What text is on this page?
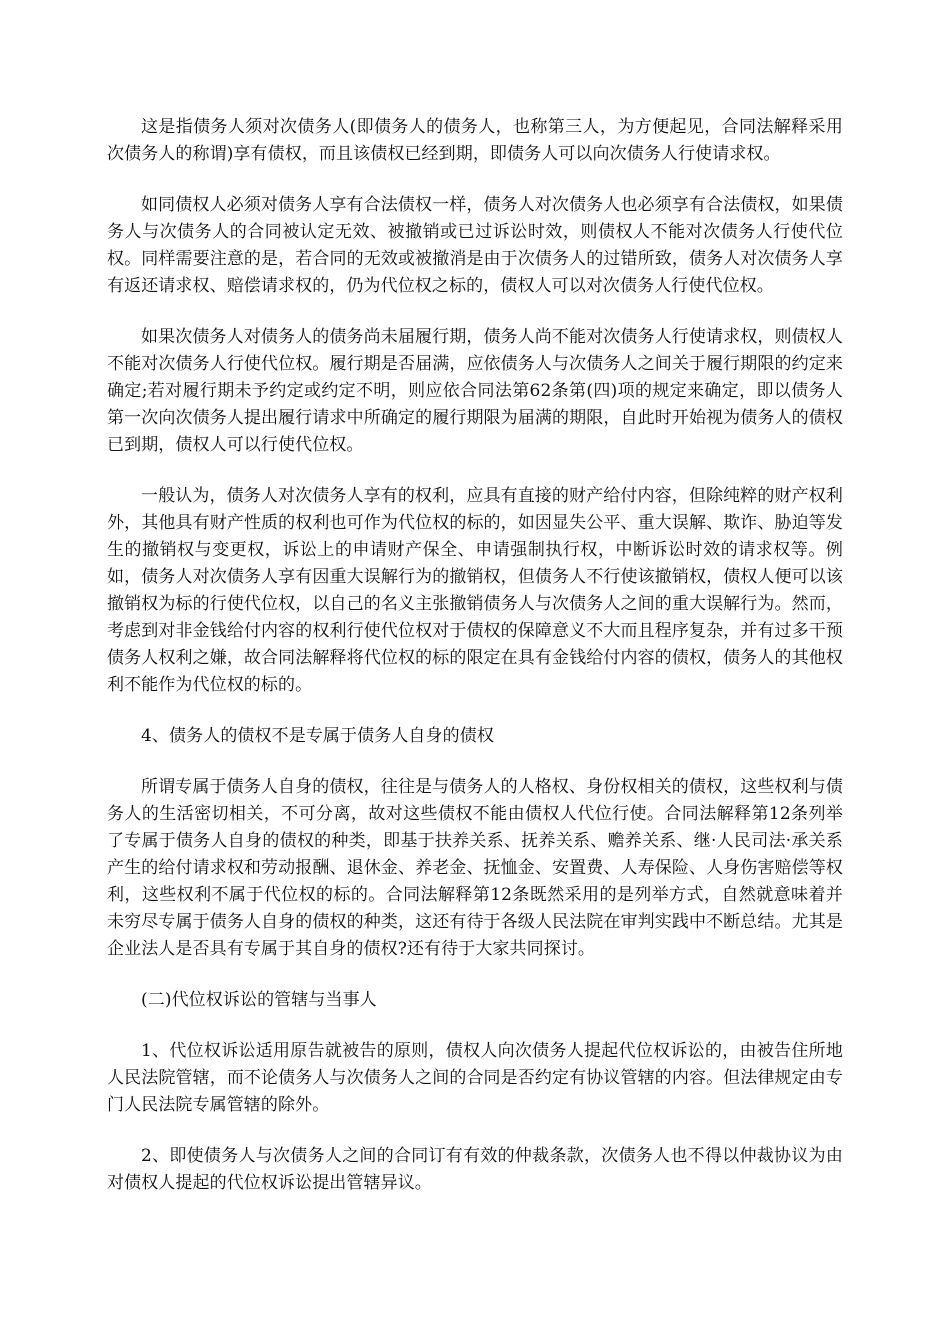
这是指债务人须对次债务人(即债务人的债务人，也称第三人，为方便起见，合同法解释采用次债务人的称谓)享有债权，而且该债权已经到期，即债务人可以向次债务人行使请求权。

如同债权人必须对债务人享有合法债权一样，债务人对次债务人也必须享有合法债权，如果债务人与次债务人的合同被认定无效、被撤销或已过诉讼时效，则债权人不能对次债务人行使代位权。同样需要注意的是，若合同的无效或被撤消是由于次债务人的过错所致，债务人对次债务人享有返还请求权、赔偿请求权的，仍为代位权之标的，债权人可以对次债务人行使代位权。

如果次债务人对债务人的债务尚未届履行期，债务人尚不能对次债务人行使请求权，则债权人不能对次债务人行使代位权。履行期是否届满，应依债务人与次债务人之间关于履行期限的约定来确定;若对履行期未予约定或约定不明，则应依合同法第62条第(四)项的规定来确定，即以债务人第一次向次债务人提出履行请求中所确定的履行期限为届满的期限，自此时开始视为债务人的债权已到期，债权人可以行使代位权。

一般认为，债务人对次债务人享有的权利，应具有直接的财产给付内容，但除纯粹的财产权利外，其他具有财产性质的权利也可作为代位权的标的，如因显失公平、重大误解、欺诈、胁迫等发生的撤销权与变更权，诉讼上的申请财产保全、申请强制执行权，中断诉讼时效的请求权等。例如，债务人对次债务人享有因重大误解行为的撤销权，但债务人不行使该撤销权，债权人便可以该撤销权为标的行使代位权，以自己的名义主张撤销债务人与次债务人之间的重大误解行为。然而，考虑到对非金钱给付内容的权利行使代位权对于债权的保障意义不大而且程序复杂，并有过多干预债务人权利之嫌，故合同法解释将代位权的标的限定在具有金钱给付内容的债权，债务人的其他权利不能作为代位权的标的。

4、债务人的债权不是专属于债务人自身的债权

所谓专属于债务人自身的债权，往往是与债务人的人格权、身份权相关的债权，这些权利与债务人的生活密切相关，不可分离，故对这些债权不能由债权人代位行使。合同法解释第12条列举了专属于债务人自身的债权的种类，即基于扶养关系、抚养关系、赡养关系、继·人民司法·承关系产生的给付请求权和劳动报酬、退休金、养老金、抚恤金、安置费、人寿保险、人身伤害赔偿等权利，这些权利不属于代位权的标的。合同法解释第12条既然采用的是列举方式，自然就意味着并未穷尽专属于债务人自身的债权的种类，这还有待于各级人民法院在审判实践中不断总结。尤其是企业法人是否具有专属于其自身的债权?还有待于大家共同探讨。

(二)代位权诉讼的管辖与当事人

1、代位权诉讼适用原告就被告的原则，债权人向次债务人提起代位权诉讼的，由被告住所地人民法院管辖，而不论债务人与次债务人之间的合同是否约定有协议管辖的内容。但法律规定由专门人民法院专属管辖的除外。

2、即使债务人与次债务人之间的合同订有有效的仲裁条款，次债务人也不得以仲裁协议为由对债权人提起的代位权诉讼提出管辖异议。
